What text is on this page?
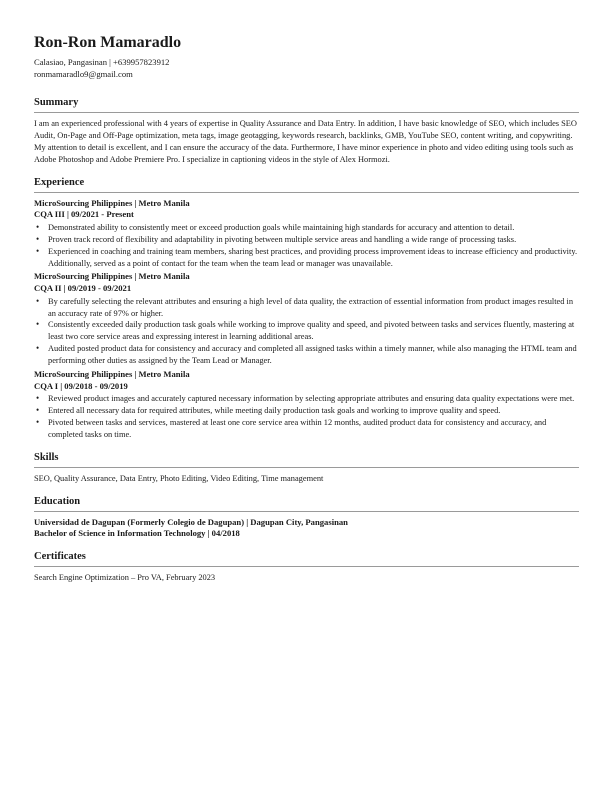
Ron-Ron Mamaradlo
Calasiao, Pangasinan | +639957823912
ronmamaradlo9@gmail.com
Summary
I am an experienced professional with 4 years of expertise in Quality Assurance and Data Entry. In addition, I have basic knowledge of SEO, which includes SEO Audit, On-Page and Off-Page optimization, meta tags, image geotagging, keywords research, backlinks, GMB, YouTube SEO, content writing, and copywriting. My attention to detail is excellent, and I can ensure the accuracy of the data. Furthermore, I have minor experience in photo and video editing using tools such as Adobe Photoshop and Adobe Premiere Pro. I specialize in captioning videos in the style of Alex Hormozi.
Experience
MicroSourcing Philippines | Metro Manila
CQA III | 09/2021 - Present
• Demonstrated ability to consistently meet or exceed production goals while maintaining high standards for accuracy and attention to detail.
• Proven track record of flexibility and adaptability in pivoting between multiple service areas and handling a wide range of processing tasks.
• Experienced in coaching and training team members, sharing best practices, and providing process improvement ideas to increase efficiency and productivity. Additionally, served as a point of contact for the team when the team lead or manager was unavailable.
MicroSourcing Philippines | Metro Manila
CQA II | 09/2019 - 09/2021
• By carefully selecting the relevant attributes and ensuring a high level of data quality, the extraction of essential information from product images resulted in an accuracy rate of 97% or higher.
• Consistently exceeded daily production task goals while working to improve quality and speed, and pivoted between tasks and services fluently, mastering at least two core service areas and expressing interest in learning additional areas.
• Audited posted product data for consistency and accuracy and completed all assigned tasks within a timely manner, while also managing the HTML team and performing other duties as assigned by the Team Lead or Manager.
MicroSourcing Philippines | Metro Manila
CQA I | 09/2018 - 09/2019
• Reviewed product images and accurately captured necessary information by selecting appropriate attributes and ensuring data quality expectations were met.
• Entered all necessary data for required attributes, while meeting daily production task goals and working to improve quality and speed.
• Pivoted between tasks and services, mastered at least one core service area within 12 months, audited product data for consistency and accuracy, and completed tasks on time.
Skills
SEO, Quality Assurance, Data Entry, Photo Editing, Video Editing, Time management
Education
Universidad de Dagupan (Formerly Colegio de Dagupan) | Dagupan City, Pangasinan
Bachelor of Science in Information Technology | 04/2018
Certificates
Search Engine Optimization – Pro VA, February 2023
